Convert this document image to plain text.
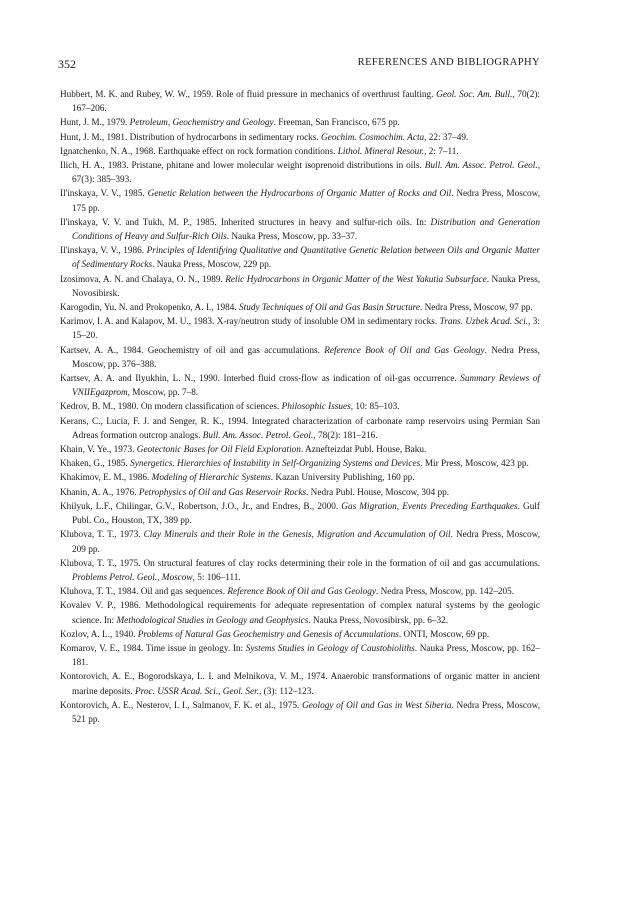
352	REFERENCES AND BIBLIOGRAPHY
Hubbert, M. K. and Rubey, W. W., 1959. Role of fluid pressure in mechanics of overthrust faulting. Geol. Soc. Am. Bull., 70(2): 167–206.
Hunt, J. M., 1979. Petroleum, Geochemistry and Geology. Freeman, San Francisco, 675 pp.
Hunt, J. M., 1981. Distribution of hydrocarbons in sedimentary rocks. Geochim. Cosmochim. Acta, 22: 37–49.
Ignatchenko, N. A., 1968. Earthquake effect on rock formation conditions. Lithol. Mineral Resour., 2: 7–11.
Ilich, H. A., 1983. Pristane, phitane and lower molecular weight isoprenoid distributions in oils. Bull. Am. Assoc. Petrol. Geol., 67(3): 385–393.
Il'inskaya, V. V., 1985. Genetic Relation between the Hydrocarbons of Organic Matter of Rocks and Oil. Nedra Press, Moscow, 175 pp.
Il'inskaya, V. V. and Tukh, M. P., 1985. Inherited structures in heavy and sulfur-rich oils. In: Distribution and Generation Conditions of Heavy and Sulfur-Rich Oils. Nauka Press, Moscow, pp. 33–37.
Il'inskaya, V. V., 1986. Principles of Identifying Qualitative and Quantitative Genetic Relation between Oils and Organic Matter of Sedimentary Rocks. Nauka Press, Moscow, 229 pp.
Izosimova, A. N. and Chalaya, O. N., 1989. Relic Hydrocarbons in Organic Matter of the West Yakutia Subsurface. Nauka Press, Novosibirsk.
Karogodin, Yu. N. and Prokopenko, A. I., 1984. Study Techniques of Oil and Gas Basin Structure. Nedra Press, Moscow, 97 pp.
Karimov, I. A. and Kalapov, M. U., 1983. X-ray/neutron study of insoluble OM in sedimentary rocks. Trans. Uzbek Acad. Sci., 3: 15–20.
Kartsev, A. A., 1984. Geochemistry of oil and gas accumulations. Reference Book of Oil and Gas Geology. Nedra Press, Moscow, pp. 376–388.
Kartsev, A. A. and Ilyukhin, L. N., 1990. Interbed fluid cross-flow as indication of oil-gas occurrence. Summary Reviews of VNIIEgazprom, Moscow, pp. 7–8.
Kedrov, B. M., 1980. On modern classification of sciences. Philosophic Issues, 10: 85–103.
Kerans, C., Lucia, F. J. and Senger, R. K., 1994. Integrated characterization of carbonate ramp reservoirs using Permian San Adreas formation outcrop analogs. Bull. Am. Assoc. Petrol. Geol., 78(2): 181–216.
Khain, V. Ye., 1973. Geotectonic Bases for Oil Field Exploration. Aznefteizdat Publ. House, Baku.
Khaken, G., 1985. Synergetics. Hierarchies of Instability in Self-Organizing Systems and Devices. Mir Press, Moscow, 423 pp.
Khakimov, E. M., 1986. Modeling of Hierarchic Systems. Kazan University Publishing, 160 pp.
Khanin, A. A., 1976. Petrophysics of Oil and Gas Reservoir Rocks. Nedra Publ. House, Moscow, 304 pp.
Khilyuk, L.F., Chilingar, G.V., Robertson, J.O., Jr., and Endres, B., 2000. Gas Migration, Events Preceding Earthquakes. Gulf Publ. Co., Houston, TX, 389 pp.
Klubova, T. T., 1973. Clay Minerals and their Role in the Genesis, Migration and Accumulation of Oil. Nedra Press, Moscow, 209 pp.
Klubova, T. T., 1975. On structural features of clay rocks determining their role in the formation of oil and gas accumulations. Problems Petrol. Geol., Moscow, 5: 106–111.
Kluhova, T. T., 1984. Oil and gas sequences. Reference Book of Oil and Gas Geology. Nedra Press, Moscow, pp. 142–205.
Kovalev V. P., 1986. Methodological requirements for adequate representation of complex natural systems by the geologic science. In: Methodological Studies in Geology and Geophysics. Nauka Press, Novosibirsk, pp. 6–32.
Kozlov, A. L., 1940. Problems of Natural Gas Geochemistry and Genesis of Accumulations. ONTI, Moscow, 69 pp.
Komarov, V. E., 1984. Time issue in geology. In: Systems Studies in Geology of Caustobioliths. Nauka Press, Moscow, pp. 162–181.
Kontorovich, A. E., Bogorodskaya, L. I. and Melnikova, V. M., 1974. Anaerobic transformations of organic matter in ancient marine deposits. Proc. USSR Acad. Sci., Geol. Ser., (3): 112–123.
Kontorovich, A. E., Nesterov, I. I., Salmanov, F. K. et al., 1975. Geology of Oil and Gas in West Siberia. Nedra Press, Moscow, 521 pp.
